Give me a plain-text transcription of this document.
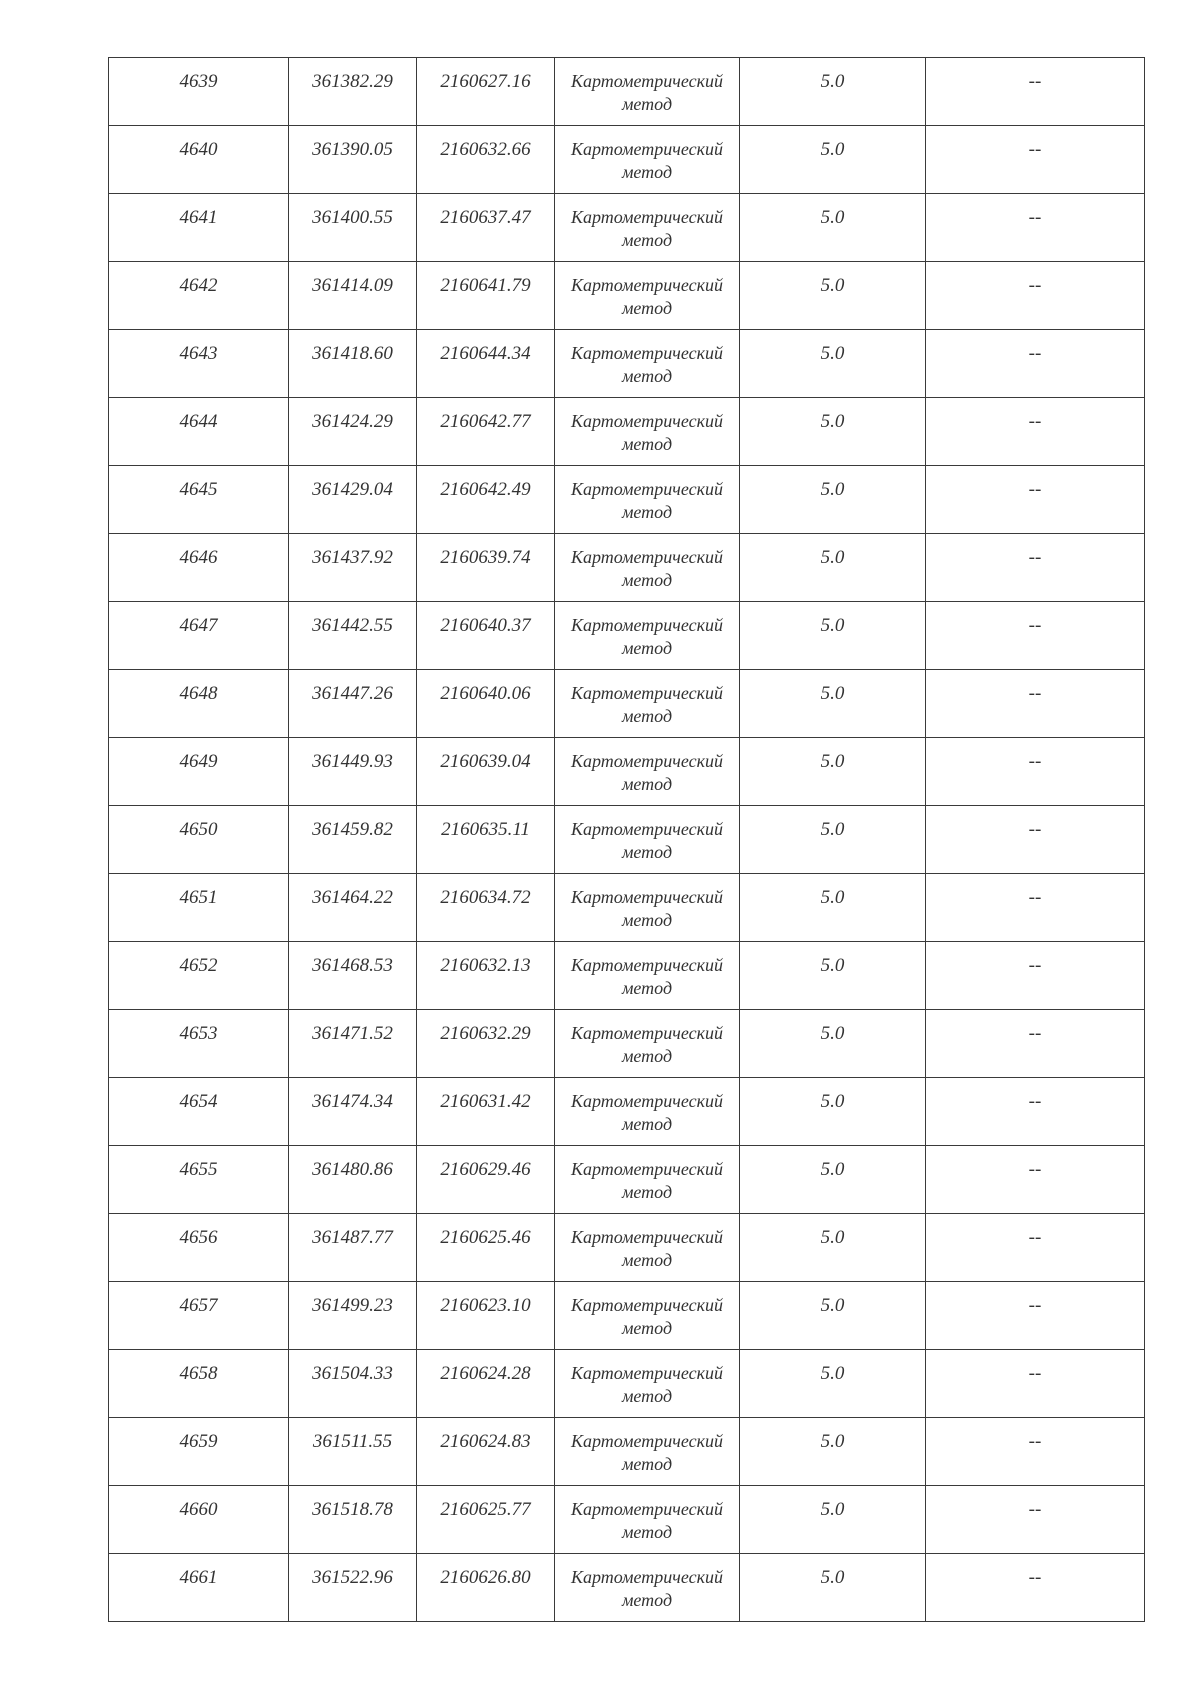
4639	361382.29	2160627.16	Картометрический метод	5.0	--

4640	361390.05	2160632.66	Картометрический метод	5.0	--

4641	361400.55	2160637.47	Картометрический метод	5.0	--

4642	361414.09	2160641.79	Картометрический метод	5.0	--

4643	361418.60	2160644.34	Картометрический метод	5.0	--

4644	361424.29	2160642.77	Картометрический метод	5.0	--

4645	361429.04	2160642.49	Картометрический метод	5.0	--

4646	361437.92	2160639.74	Картометрический метод	5.0	--

4647	361442.55	2160640.37	Картометрический метод	5.0	--

4648	361447.26	2160640.06	Картометрический метод	5.0	--

4649	361449.93	2160639.04	Картометрический метод	5.0	--

4650	361459.82	2160635.11	Картометрический метод	5.0	--

4651	361464.22	2160634.72	Картометрический метод	5.0	--

4652	361468.53	2160632.13	Картометрический метод	5.0	--

4653	361471.52	2160632.29	Картометрический метод	5.0	--

4654	361474.34	2160631.42	Картометрический метод	5.0	--

4655	361480.86	2160629.46	Картометрический метод	5.0	--

4656	361487.77	2160625.46	Картометрический метод	5.0	--

4657	361499.23	2160623.10	Картометрический метод	5.0	--

4658	361504.33	2160624.28	Картометрический метод	5.0	--

4659	361511.55	2160624.83	Картометрический метод	5.0	--

4660	361518.78	2160625.77	Картометрический метод	5.0	--

4661	361522.96	2160626.80	Картометрический метод	5.0	--
